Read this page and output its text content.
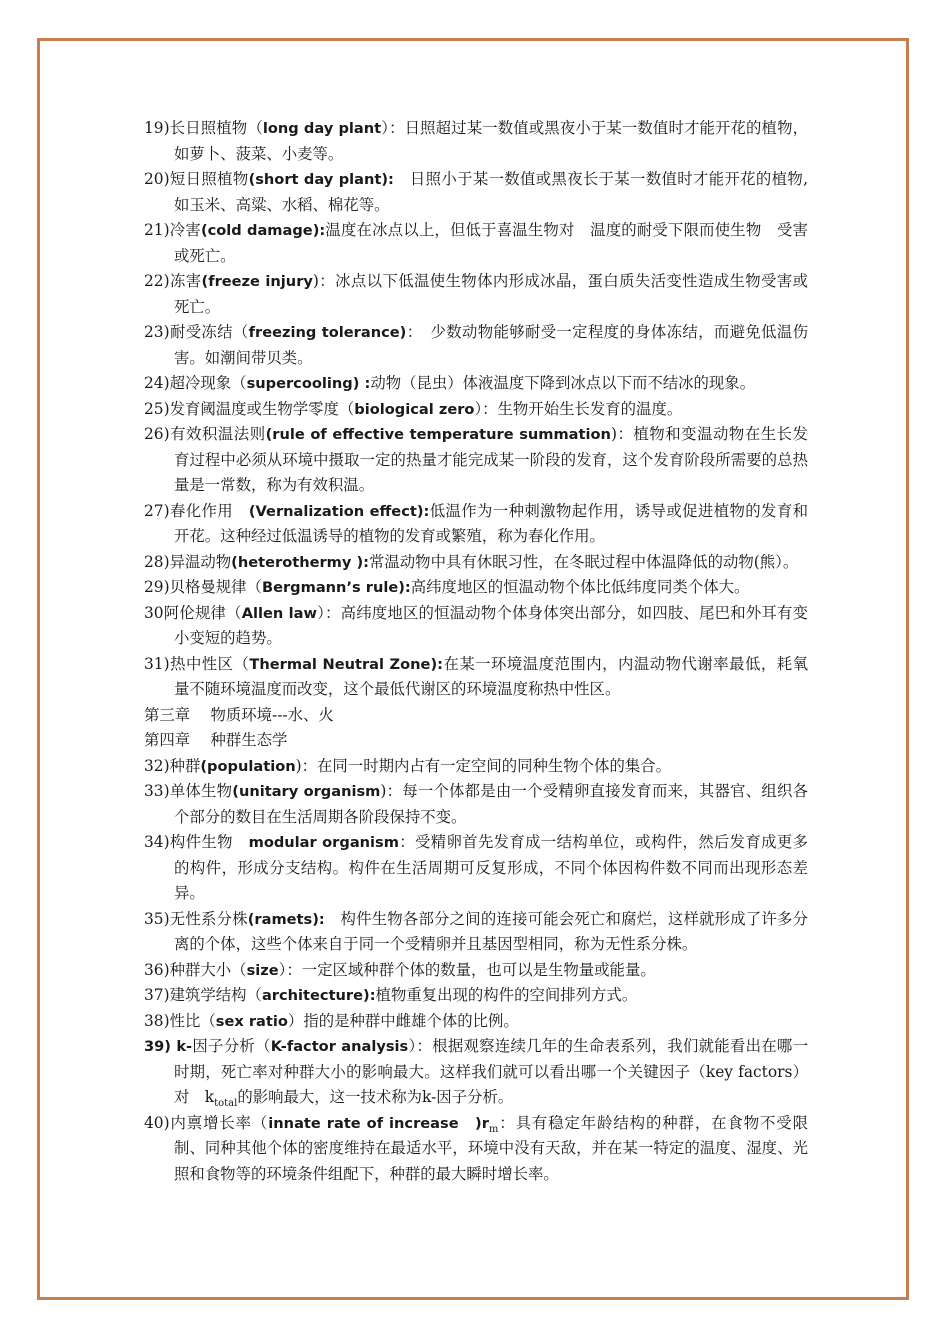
19)长日照植物（long day plant）：日照超过某一数值或黑夜小于某一数值时才能开花的植物，如萝卜、菠菜、小麦等。

20)短日照植物(short day plant):　日照小于某一数值或黑夜长于某一数值时才能开花的植物,如玉米、高粱、水稻、棉花等。

21)冷害(cold damage):温度在冰点以上，但低于喜温生物对　温度的耐受下限而使生物　受害或死亡。

22)冻害(freeze injury)：冰点以下低温使生物体内形成冰晶，蛋白质失活变性造成生物受害或死亡。

23)耐受冻结（freezing tolerance)：　少数动物能够耐受一定程度的身体冻结，而避免低温伤害。如潮间带贝类。

24)超冷现象（supercooling) :动物（昆虫）体液温度下降到冰点以下而不结冰的现象。

25)发育阈温度或生物学零度（biological zero）：生物开始生长发育的温度。

26)有效积温法则(rule of effective temperature summation)：植物和变温动物在生长发育过程中必须从环境中摄取一定的热量才能完成某一阶段的发育，这个发育阶段所需要的总热量是一常数，称为有效积温。

27)春化作用　(Vernalization effect):低温作为一种刺激物起作用，诱导或促进植物的发育和开花。这种经过低温诱导的植物的发育或繁殖，称为春化作用。

28)异温动物(heterothermy ):常温动物中具有休眠习性，在冬眠过程中体温降低的动物(熊）。

29)贝格曼规律（Bergmann’s rule):高纬度地区的恒温动物个体比低纬度同类个体大。

30阿伦规律（Allen law）：高纬度地区的恒温动物个体身体突出部分，如四肢、尾巴和外耳有变小变短的趋势。

31)热中性区（Thermal Neutral Zone):在某一环境温度范围内，内温动物代谢率最低，耗氧量不随环境温度而改变，这个最低代谢区的环境温度称热中性区。

第三章　 物质环境---水、火

第四章　 种群生态学

32)种群(population)：在同一时期内占有一定空间的同种生物个体的集合。

33)单体生物(unitary organism)：每一个体都是由一个受精卵直接发育而来，其器官、组织各个部分的数目在生活周期各阶段保持不变。

34)构件生物　modular organism：受精卵首先发育成一结构单位，或构件，然后发育成更多的构件，形成分支结构。构件在生活周期可反复形成，不同个体因构件数不同而出现形态差异。

35)无性系分株(ramets):　构件生物各部分之间的连接可能会死亡和腐烂，这样就形成了许多分离的个体，这些个体来自于同一个受精卵并且基因型相同，称为无性系分株。

36)种群大小（size）：一定区域种群个体的数量，也可以是生物量或能量。

37)建筑学结构（architecture):植物重复出现的构件的空间排列方式。

38)性比（sex ratio）指的是种群中雌雄个体的比例。

39) k-因子分析（K-factor analysis）：根据观察连续几年的生命表系列，我们就能看出在哪一时期，死亡率对种群大小的影响最大。这样我们就可以看出哪一个关键因子（key factors）对　$k_{total}$的影响最大，这一技术称为k-因子分析。

40)内禀增长率（innate rate of increase　)$r_m$：具有稳定年龄结构的种群，在食物不受限制、同种其他个体的密度维持在最适水平，环境中没有天敌，并在某一特定的温度、湿度、光照和食物等的环境条件组配下，种群的最大瞬时增长率。
